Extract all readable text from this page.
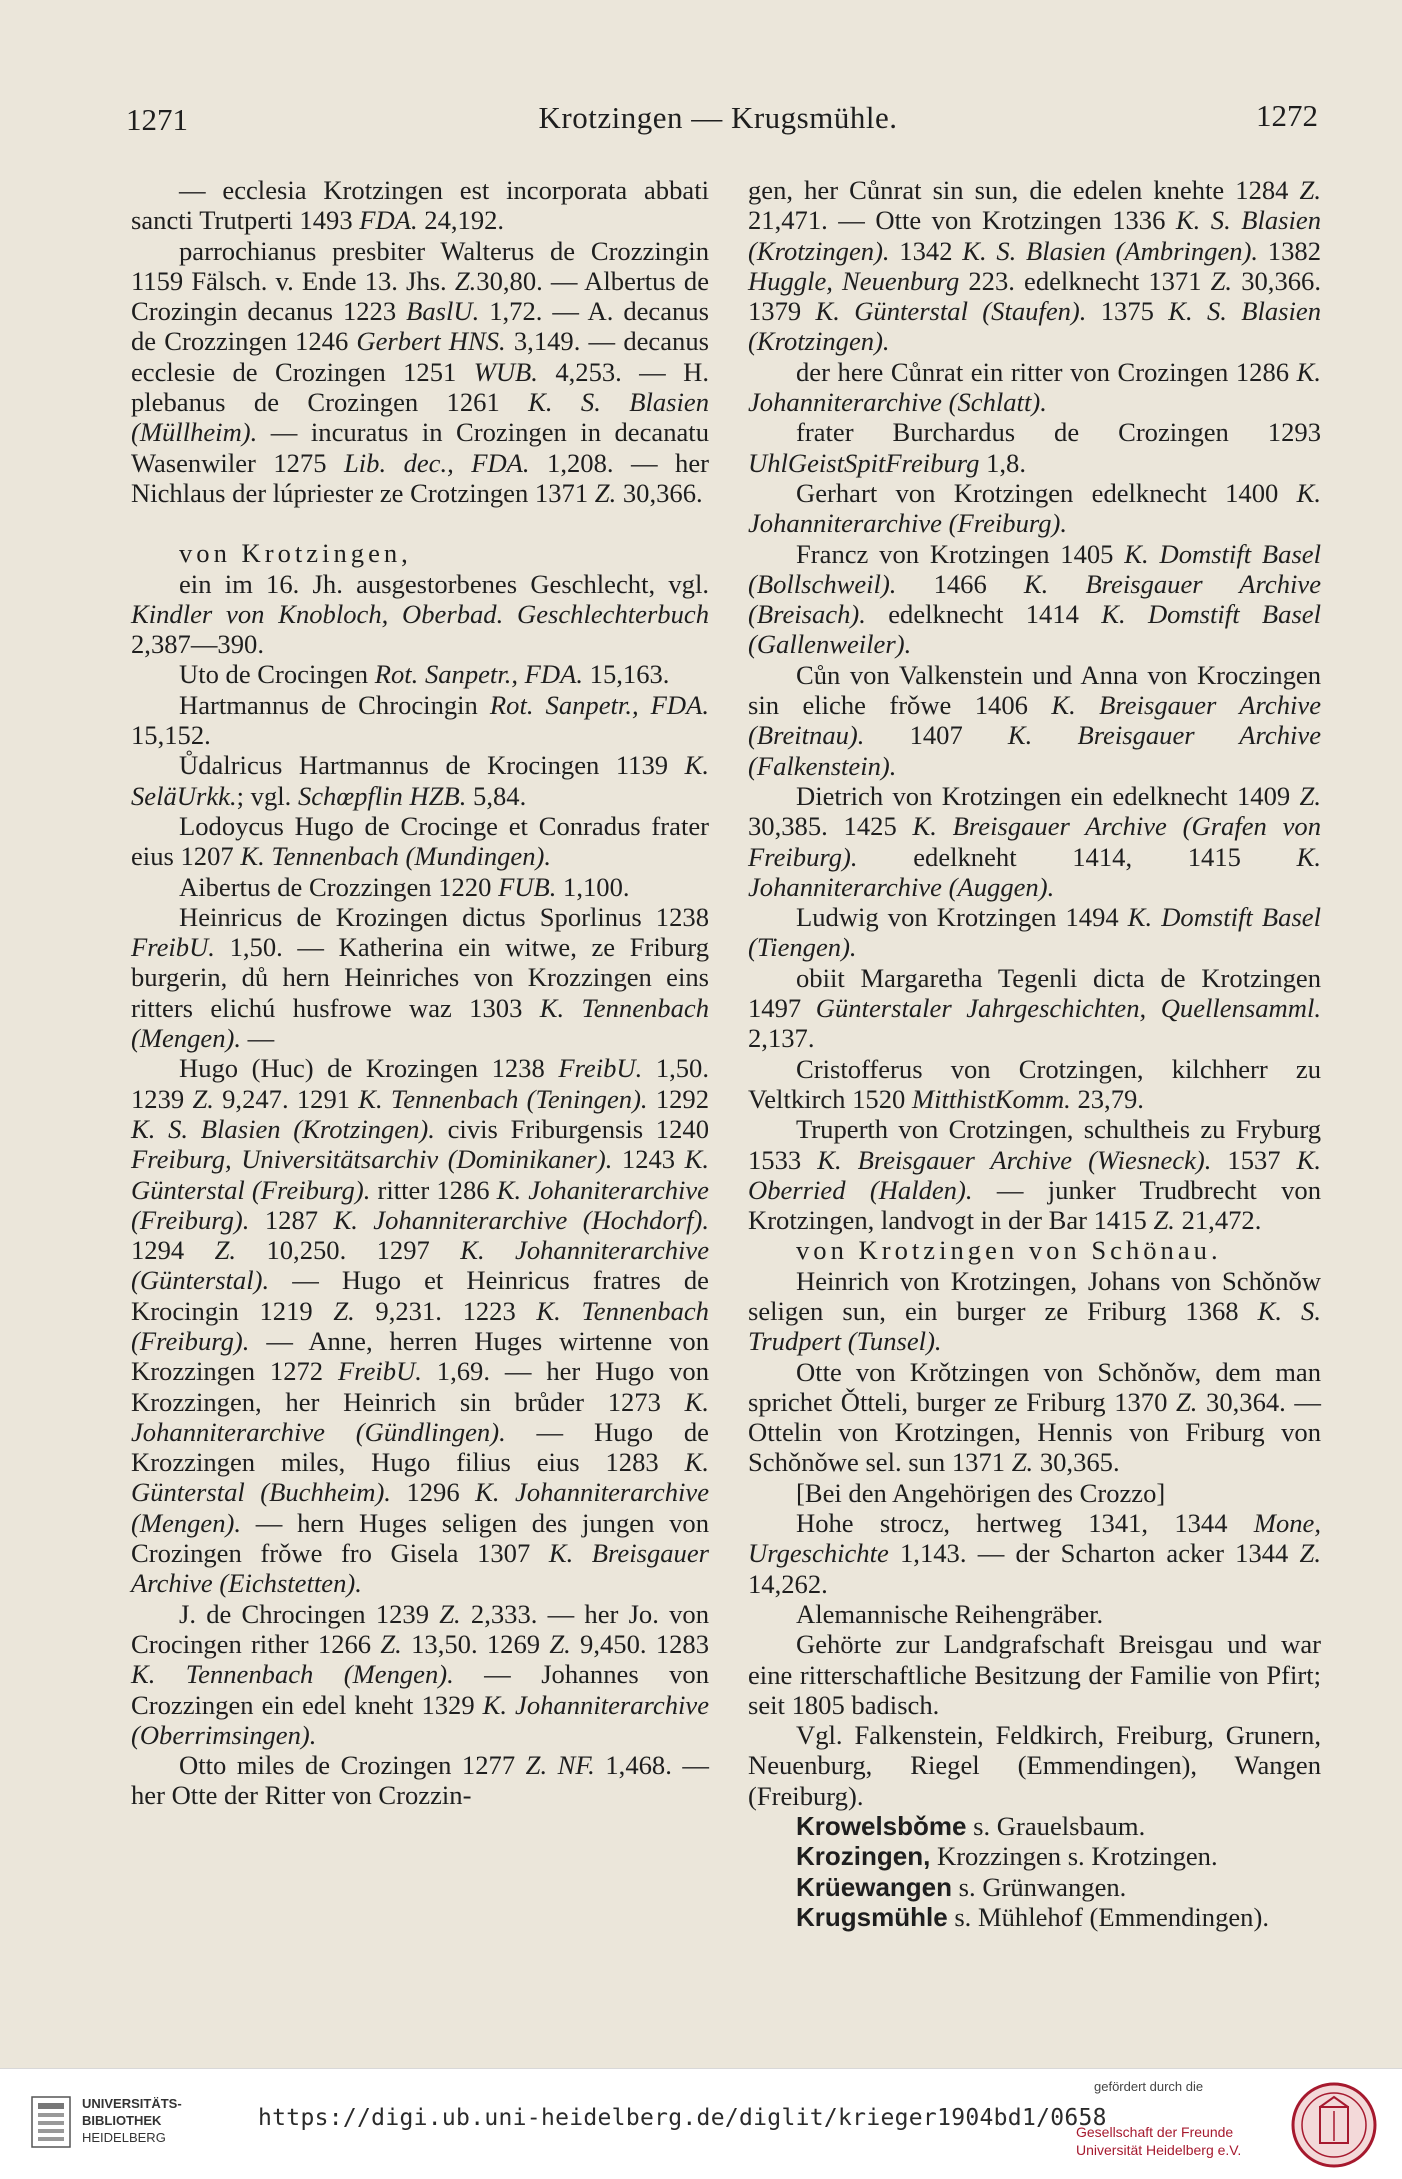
1271	Krotzingen — Krugsmühle.	1272

— ecclesia Krotzingen est incorporata abbati sancti Trutperti 1493 FDA. 24,192.

parrochianus presbiter Walterus de Crozzingin 1159 Fälsch. v. Ende 13. Jhs. Z.30,80. — Albertus de Crozingin decanus 1223 BaslU. 1,72. — A. decanus de Crozzingen 1246 Gerbert HNS. 3,149. — decanus ecclesie de Crozingen 1251 WUB. 4,253. — H. plebanus de Crozingen 1261 K. S. Blasien (Müllheim). — incuratus in Crozingen in decanatu Wasenwiler 1275 Lib. dec., FDA. 1,208. — her Nichlaus der lúpriester ze Crotzingen 1371 Z. 30,366.

von Krotzingen,

ein im 16. Jh. ausgestorbenes Geschlecht, vgl. Kindler von Knobloch, Oberbad. Geschlechterbuch 2,387—390.

Uto de Crocingen Rot. Sanpetr., FDA. 15,163.

Hartmannus de Chrocingin Rot. Sanpetr., FDA. 15,152.

Ůdalricus Hartmannus de Krocingen 1139 K. SeläUrkk.; vgl. Schœpflin HZB. 5,84.

Lodoycus Hugo de Crocinge et Conradus frater eius 1207 K. Tennenbach (Mundingen).

Aibertus de Crozzingen 1220 FUB. 1,100.

Heinricus de Krozingen dictus Sporlinus 1238 FreibU. 1,50. — Katherina ein witwe, ze Friburg burgerin, dů hern Heinriches von Krozzingen eins ritters elichú husfrowe waz 1303 K. Tennenbach (Mengen). —

Hugo (Huc) de Krozingen 1238 FreibU. 1,50. 1239 Z. 9,247. 1291 K. Tennenbach (Teningen). 1292 K. S. Blasien (Krotzingen). civis Friburgensis 1240 Freiburg, Universitätsarchiv (Dominikaner). 1243 K. Günterstal (Freiburg). ritter 1286 K. Johaniterarchive (Freiburg). 1287 K. Johanniterarchive (Hochdorf). 1294 Z. 10,250. 1297 K. Johanniterarchive (Günterstal). — Hugo et Heinricus fratres de Krocingin 1219 Z. 9,231. 1223 K. Tennenbach (Freiburg). — Anne, herren Huges wirtenne von Krozzingen 1272 FreibU. 1,69. — her Hugo von Krozzingen, her Heinrich sin brůder 1273 K. Johanniterarchive (Gündlingen). — Hugo de Krozzingen miles, Hugo filius eius 1283 K. Günterstal (Buchheim). 1296 K. Johanniterarchive (Mengen). — hern Huges seligen des jungen von Crozingen frǒwe fro Gisela 1307 K. Breisgauer Archive (Eichstetten).

J. de Chrocingen 1239 Z. 2,333. — her Jo. von Crocingen rither 1266 Z. 13,50. 1269 Z. 9,450. 1283 K. Tennenbach (Mengen). — Johannes von Crozzingen ein edel kneht 1329 K. Johanniterarchive (Oberrimsingen).

Otto miles de Crozingen 1277 Z. NF. 1,468. — her Otte der Ritter von Crozzin-

gen, her Cůnrat sin sun, die edelen knehte 1284 Z. 21,471. — Otte von Krotzingen 1336 K. S. Blasien (Krotzingen). 1342 K. S. Blasien (Ambringen). 1382 Huggle, Neuenburg 223. edelknecht 1371 Z. 30,366. 1379 K. Günterstal (Staufen). 1375 K. S. Blasien (Krotzingen).

der here Cůnrat ein ritter von Crozingen 1286 K. Johanniterarchive (Schlatt).

frater Burchardus de Crozingen 1293 UhlGeistSpitFreiburg 1,8.

Gerhart von Krotzingen edelknecht 1400 K. Johanniterarchive (Freiburg).

Francz von Krotzingen 1405 K. Domstift Basel (Bollschweil). 1466 K. Breisgauer Archive (Breisach). edelknecht 1414 K. Domstift Basel (Gallenweiler).

Cůn von Valkenstein und Anna von Kroczingen sin eliche frǒwe 1406 K. Breisgauer Archive (Breitnau). 1407 K. Breisgauer Archive (Falkenstein).

Dietrich von Krotzingen ein edelknecht 1409 Z. 30,385. 1425 K. Breisgauer Archive (Grafen von Freiburg). edelkneht 1414, 1415 K. Johanniterarchive (Auggen).

Ludwig von Krotzingen 1494 K. Domstift Basel (Tiengen).

obiit Margaretha Tegenli dicta de Krotzingen 1497 Günterstaler Jahrgeschichten, Quellensamml. 2,137.

Cristofferus von Crotzingen, kilchherr zu Veltkirch 1520 MitthistKomm. 23,79.

Truperth von Crotzingen, schultheis zu Fryburg 1533 K. Breisgauer Archive (Wiesneck). 1537 K. Oberried (Halden). — junker Trudbrecht von Krotzingen, landvogt in der Bar 1415 Z. 21,472.

von Krotzingen von Schönau.

Heinrich von Krotzingen, Johans von Schǒnǒw seligen sun, ein burger ze Friburg 1368 K. S. Trudpert (Tunsel).

Otte von Krǒtzingen von Schǒnǒw, dem man sprichet Ǒtteli, burger ze Friburg 1370 Z. 30,364. — Ottelin von Krotzingen, Hennis von Friburg von Schǒnǒwe sel. sun 1371 Z. 30,365.

[Bei den Angehörigen des Crozzo]

Hohe strocz, hertweg 1341, 1344 Mone, Urgeschichte 1,143. — der Scharton acker 1344 Z. 14,262.

Alemannische Reihengräber.

Gehörte zur Landgrafschaft Breisgau und war eine ritterschaftliche Besitzung der Familie von Pfirt; seit 1805 badisch.

Vgl. Falkenstein, Feldkirch, Freiburg, Grunern, Neuenburg, Riegel (Emmendingen), Wangen (Freiburg).

Krowelsbǒme s. Grauelsbaum.

Krozingen, Krozzingen s. Krotzingen.

Krüewangen s. Grünwangen.

Krugsmühle s. Mühlehof (Emmendingen).

UNIVERSITÄTS-
BIBLIOTHEK
HEIDELBERG
https://digi.ub.uni-heidelberg.de/diglit/krieger1904bd1/0658
gefördert durch die
Gesellschaft der Freunde
Universität Heidelberg e.V.
